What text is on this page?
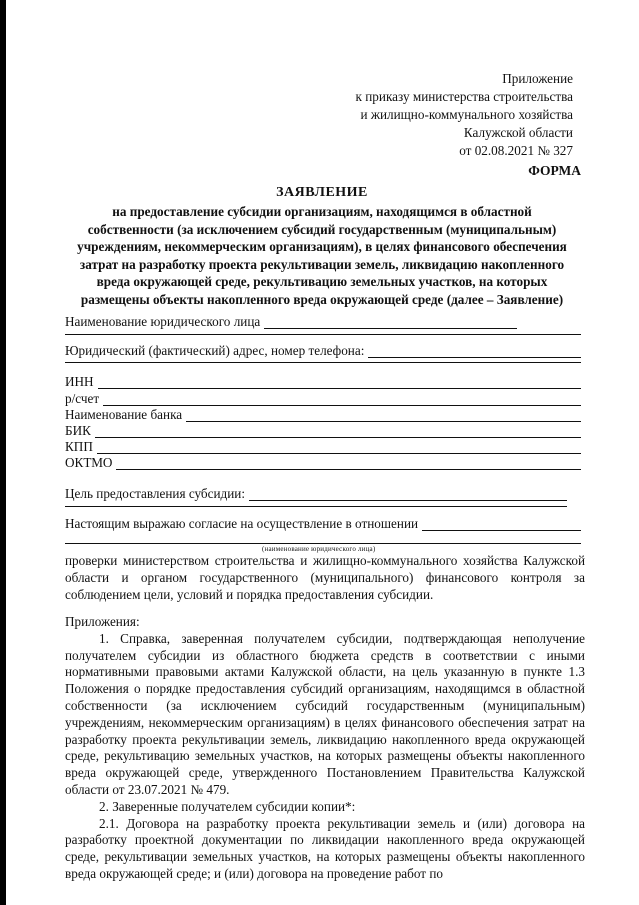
Приложение
к приказу министерства строительства
и жилищно-коммунального хозяйства
Калужской области
от 02.08.2021 № 327
ФОРМА
ЗАЯВЛЕНИЕ
на предоставление субсидии организациям, находящимся в областной
собственности (за исключением субсидий государственным (муниципальным)
учреждениям, некоммерческим организациям), в целях финансового обеспечения
затрат на разработку проекта рекультивации земель, ликвидацию накопленного
вреда окружающей среде, рекультивацию земельных участков, на которых
размещены объекты накопленного вреда окружающей среде (далее – Заявление)
Наименование юридического лица
Юридический (фактический) адрес, номер телефона:
ИНН
р/счет
Наименование банка
БИК
КПП
ОКТМО
Цель предоставления субсидии:
Настоящим выражаю согласие на осуществление в отношении
(наименование юридического лица)

проверки министерством строительства и жилищно-коммунального хозяйства Калужской области и органом государственного (муниципального) финансового контроля за соблюдением цели, условий и порядка предоставления субсидии.

Приложения:

1. Справка, заверенная получателем субсидии, подтверждающая неполучение получателем субсидии из областного бюджета средств в соответствии с иными нормативными правовыми актами Калужской области, на цель указанную в пункте 1.3 Положения о порядке предоставления субсидий организациям, находящимся в областной собственности (за исключением субсидий государственным (муниципальным) учреждениям, некоммерческим организациям) в целях финансового обеспечения затрат на разработку проекта рекультивации земель, ликвидацию накопленного вреда окружающей среде, рекультивацию земельных участков, на которых размещены объекты накопленного вреда окружающей среде, утвержденного Постановлением Правительства Калужской области от 23.07.2021 № 479.

2. Заверенные получателем субсидии копии*:

2.1. Договора на разработку проекта рекультивации земель и (или) договора на разработку проектной документации по ликвидации накопленного вреда окружающей среде, рекультивации земельных участков, на которых размещены объекты накопленного вреда окружающей среде; и (или) договора на проведение работ по
